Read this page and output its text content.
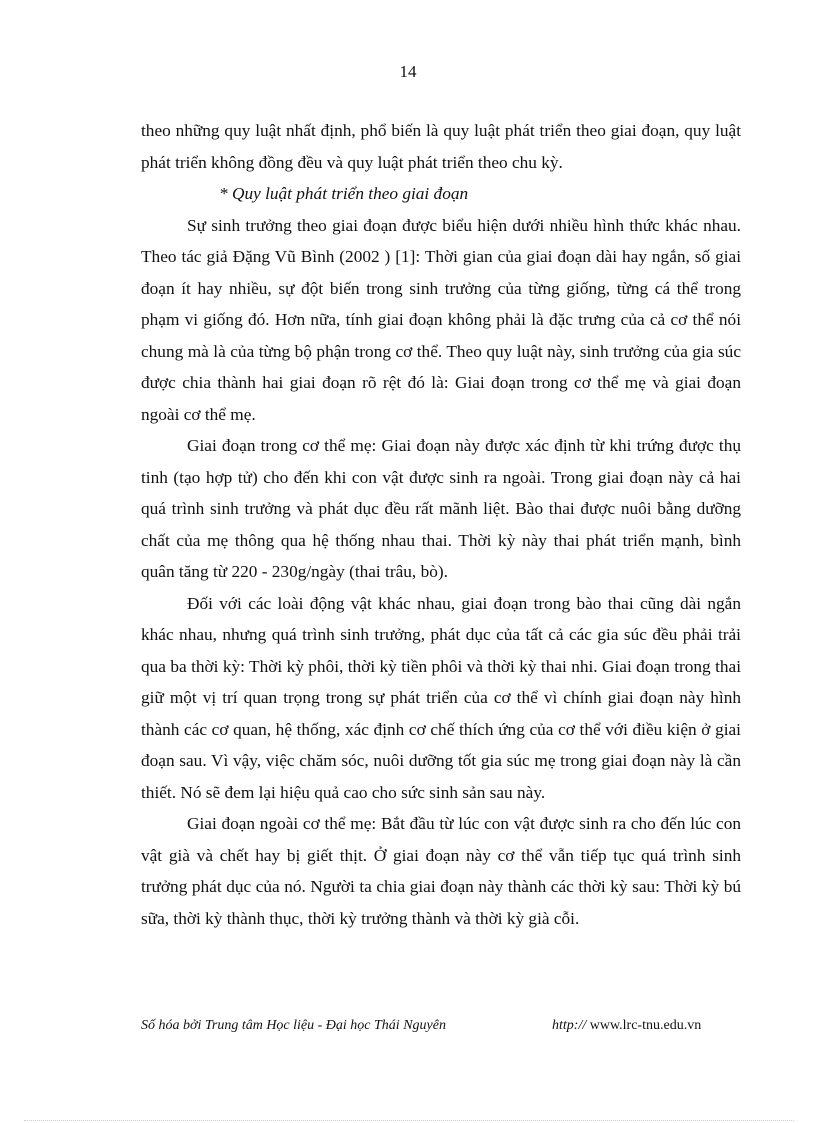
14

theo những quy luật nhất định, phổ biến là quy luật phát triển theo giai đoạn, quy luật phát triển không đồng đều và quy luật phát triển theo chu kỳ.

* Quy luật phát triển theo giai đoạn

Sự sinh trưởng theo giai đoạn được biểu hiện dưới nhiều hình thức khác nhau. Theo tác giả Đặng Vũ Bình (2002 ) [1]: Thời gian của giai đoạn dài hay ngắn, số giai đoạn ít hay nhiều, sự đột biến trong sinh trưởng của từng giống, từng cá thể trong phạm vi giống đó. Hơn nữa, tính giai đoạn không phải là đặc trưng của cả cơ thể nói chung mà là của từng bộ phận trong cơ thể. Theo quy luật này, sinh trưởng của gia súc được chia thành hai giai đoạn rõ rệt đó là: Giai đoạn trong cơ thể mẹ và giai đoạn ngoài cơ thể mẹ.

Giai đoạn trong cơ thể mẹ: Giai đoạn này được xác định từ khi trứng được thụ tinh (tạo hợp tử) cho đến khi con vật được sinh ra ngoài. Trong giai đoạn này cả hai quá trình sinh trưởng và phát dục đều rất mãnh liệt. Bào thai được nuôi bằng dưỡng chất của mẹ thông qua hệ thống nhau thai. Thời kỳ này thai phát triển mạnh, bình quân tăng từ 220 - 230g/ngày (thai trâu, bò).

Đối với các loài động vật khác nhau, giai đoạn trong bào thai cũng dài ngắn khác nhau, nhưng quá trình sinh trưởng, phát dục của tất cả các gia súc đều phải trải qua ba thời kỳ: Thời kỳ phôi, thời kỳ tiền phôi và thời kỳ thai nhi. Giai đoạn trong thai giữ một vị trí quan trọng trong sự phát triển của cơ thể vì chính giai đoạn này hình thành các cơ quan, hệ thống, xác định cơ chế thích ứng của cơ thể với điều kiện ở giai đoạn sau. Vì vậy, việc chăm sóc, nuôi dưỡng tốt gia súc mẹ trong giai đoạn này là cần thiết. Nó sẽ đem lại hiệu quả cao cho sức sinh sản sau này.

Giai đoạn ngoài cơ thể mẹ: Bắt đầu từ lúc con vật được sinh ra cho đến lúc con vật già và chết hay bị giết thịt. Ở giai đoạn này cơ thể vẫn tiếp tục quá trình sinh trưởng phát dục của nó. Người ta chia giai đoạn này thành các thời kỳ sau: Thời kỳ bú sữa, thời kỳ thành thục, thời kỳ trưởng thành và thời kỳ già cỗi.

Số hóa bởi Trung tâm Học liệu - Đại học Thái Nguyên	http:// www.lrc-tnu.edu.vn
